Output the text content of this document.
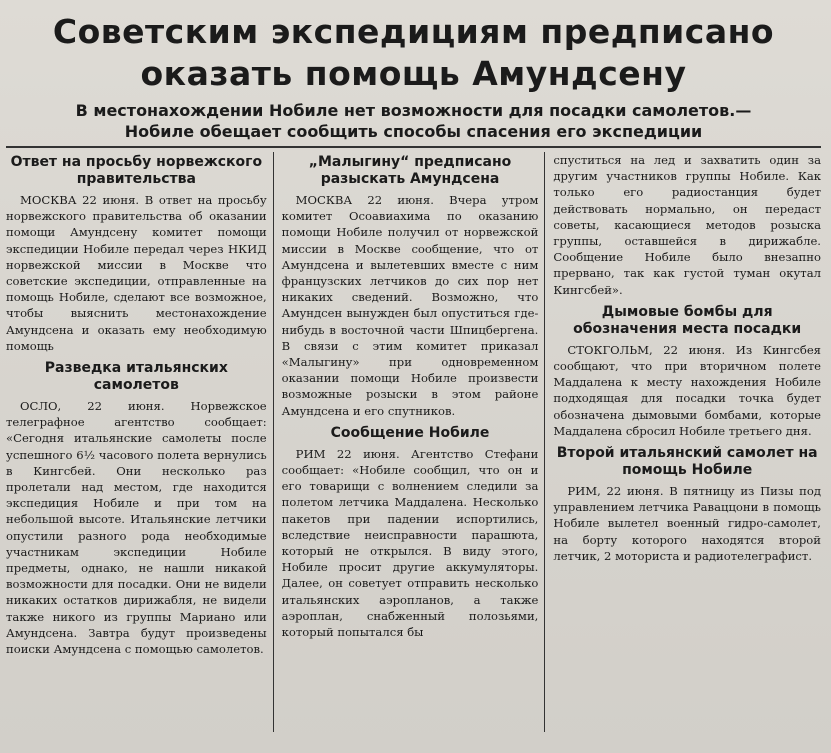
Советским экспедициям предписано
оказать помощь Амундсену
В местонахождении Нобиле нет возможности для посадки самолетов.—
Нобиле обещает сообщить способы спасения его экспедиции
Ответ на просьбу норвежского правительства

МОСКВА 22 июня. В ответ на просьбу норвежского правительства об оказании помощи Амундсену комитет помощи экспедиции Нобиле передал через НКИД норвежской миссии в Москве что советские экспедиции, отправленные на помощь Нобиле, сделают все возможное, чтобы выяснить местонахождение Амундсена и оказать ему необходимую помощь

Разведка итальянских самолетов

ОСЛО, 22 июня. Норвежское телеграфное агентство сообщает: «Сегодня итальянские самолеты после успешного 6½ часового полета вернулись в Кингсбей. Они несколько раз пролетали над местом, где находится экспедиция Нобиле и при том на небольшой высоте. Итальянские летчики опустили разного рода необходимые участникам экспедиции Нобиле предметы, однако, не нашли никакой возможности для посадки. Они не видели никаких остатков дирижабля, не видели также никого из группы Мариано или Амундсена. Завтра будут произведены поиски Амундсена с помощью самолетов.

„Малыгину“ предписано разыскать Амундсена

МОСКВА 22 июня. Вчера утром комитет Осоавиахима по оказанию помощи Нобиле получил от норвежской миссии в Москве сообщение, что от Амундсена и вылетевших вместе с ним французских летчиков до сих пор нет никаких сведений. Возможно, что Амундсен вынужден был опуститься где-нибудь в восточной части Шпицбергена. В связи с этим комитет приказал «Малыгину» при одновременном оказании помощи Нобиле произвести возможные розыски в этом районе Амундсена и его спутников.

Сообщение Нобиле

РИМ 22 июня. Агентство Стефани сообщает: «Нобиле сообщил, что он и его товарищи с волнением следили за полетом летчика Маддалена. Несколько пакетов при падении испортились, вследствие неисправности парашюта, который не открылся. В виду этого, Нобиле просит другие аккумуляторы. Далее, он советует отправить несколько итальянских аэропланов, а также аэроплан, снабженный полозьями, который попытался бы

спуститься на лед и захватить один за другим участников группы Нобиле. Как только его радиостанция будет действовать нормально, он передаст советы, касающиеся методов розыска группы, оставшейся в дирижабле. Сообщение Нобиле было внезапно прервано, так как густой туман окутал Кингсбей».

Дымовые бомбы для обозначения места посадки

СТОКГОЛЬМ, 22 июня. Из Кингсбея сообщают, что при вторичном полете Маддалена к месту нахождения Нобиле подходящая для посадки точка будет обозначена дымовыми бомбами, которые Маддалена сбросил Нобиле третьего дня.

Второй итальянский самолет на помощь Нобиле

РИМ, 22 июня. В пятницу из Пизы под управлением летчика Раваццони в помощь Нобиле вылетел военный гидро-самолет, на борту которого находятся второй летчик, 2 моториста и радиотелеграфист.
